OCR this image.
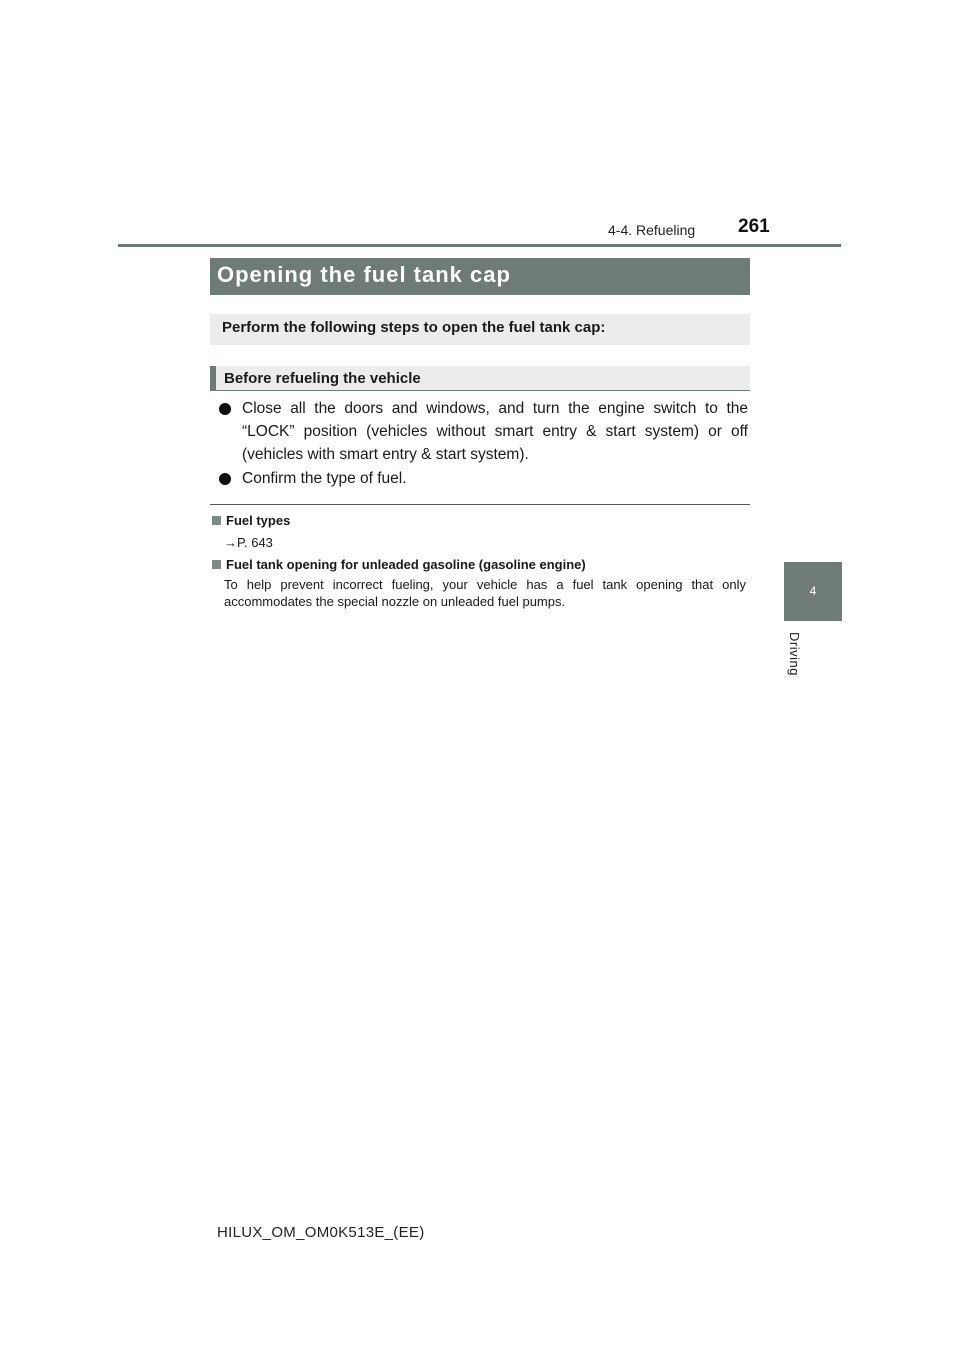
4-4. Refueling 261
4
Driving
Opening the fuel tank cap
Perform the following steps to open the fuel tank cap:
Before refueling the vehicle
Close all the doors and windows, and turn the engine switch to the “LOCK” position (vehicles without smart entry & start system) or off (vehicles with smart entry & start system).
Confirm the type of fuel.
Fuel types
→P. 643
Fuel tank opening for unleaded gasoline (gasoline engine)
To help prevent incorrect fueling, your vehicle has a fuel tank opening that only accommodates the special nozzle on unleaded fuel pumps.
HILUX_OM_OM0K513E_(EE)
